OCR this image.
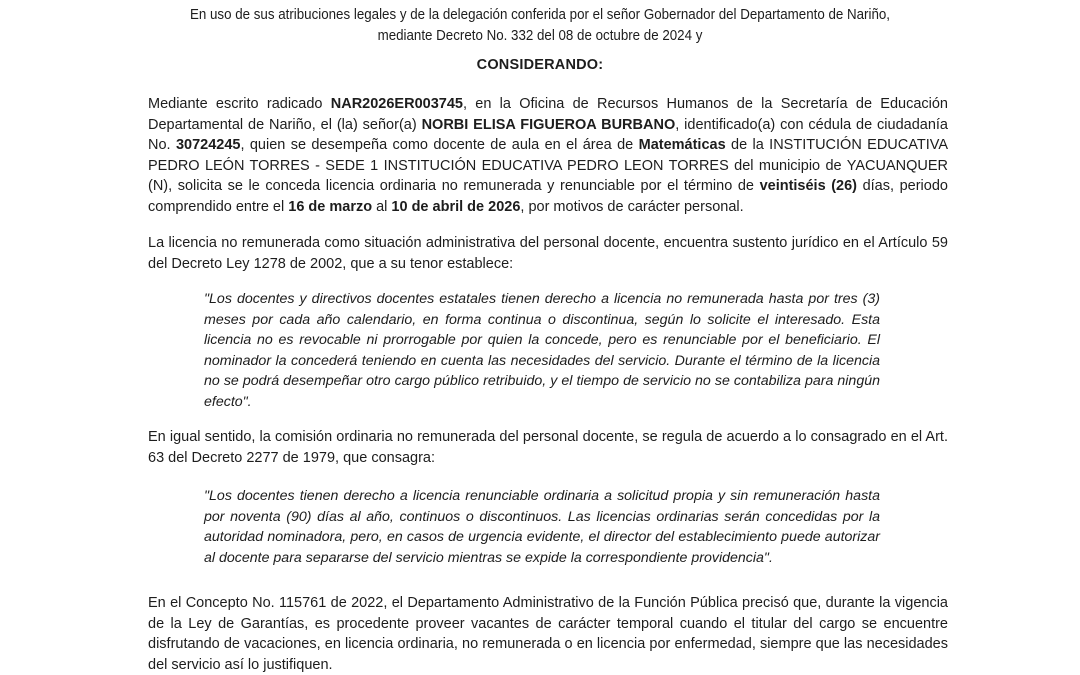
En uso de sus atribuciones legales y de la delegación conferida por el señor Gobernador del Departamento de Nariño,
mediante Decreto No. 332 del 08 de octubre de 2024 y
CONSIDERANDO:

Mediante escrito radicado NAR2026ER003745, en la Oficina de Recursos Humanos de la Secretaría de Educación Departamental de Nariño, el (la) señor(a) NORBI ELISA FIGUEROA BURBANO, identificado(a) con cédula de ciudadanía No. 30724245, quien se desempeña como docente de aula en el área de Matemáticas de la INSTITUCIÓN EDUCATIVA PEDRO LEÓN TORRES - SEDE 1 INSTITUCIÓN EDUCATIVA PEDRO LEON TORRES del municipio de YACUANQUER (N), solicita se le conceda licencia ordinaria no remunerada y renunciable por el término de veintiséis (26) días, periodo comprendido entre el 16 de marzo al 10 de abril de 2026, por motivos de carácter personal.

La licencia no remunerada como situación administrativa del personal docente, encuentra sustento jurídico en el Artículo 59 del Decreto Ley 1278 de 2002, que a su tenor establece:

"Los docentes y directivos docentes estatales tienen derecho a licencia no remunerada hasta por tres (3) meses por cada año calendario, en forma continua o discontinua, según lo solicite el interesado. Esta licencia no es revocable ni prorrogable por quien la concede, pero es renunciable por el beneficiario. El nominador la concederá teniendo en cuenta las necesidades del servicio. Durante el término de la licencia no se podrá desempeñar otro cargo público retribuido, y el tiempo de servicio no se contabiliza para ningún efecto".

En igual sentido, la comisión ordinaria no remunerada del personal docente, se regula de acuerdo a lo consagrado en el Art. 63 del Decreto 2277 de 1979, que consagra:

"Los docentes tienen derecho a licencia renunciable ordinaria a solicitud propia y sin remuneración hasta por noventa (90) días al año, continuos o discontinuos. Las licencias ordinarias serán concedidas por la autoridad nominadora, pero, en casos de urgencia evidente, el director del establecimiento puede autorizar al docente para separarse del servicio mientras se expide la correspondiente providencia".

En el Concepto No. 115761 de 2022, el Departamento Administrativo de la Función Pública precisó que, durante la vigencia de la Ley de Garantías, es procedente proveer vacantes de carácter temporal cuando el titular del cargo se encuentre disfrutando de vacaciones, en licencia ordinaria, no remunerada o en licencia por enfermedad, siempre que las necesidades del servicio así lo justifiquen.
